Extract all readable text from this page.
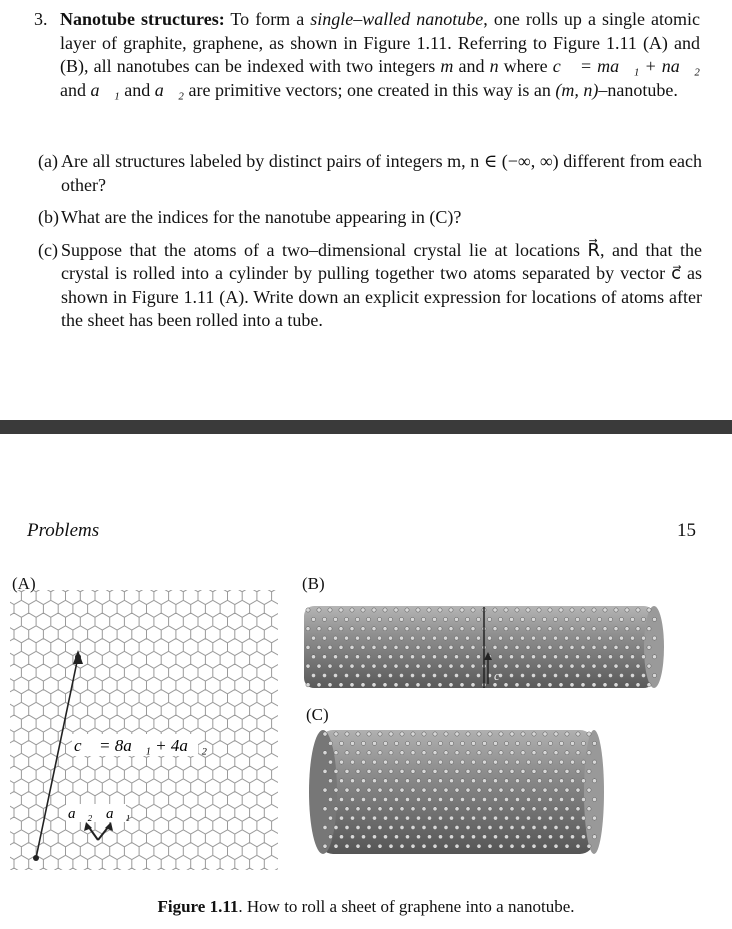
3. Nanotube structures: To form a single–walled nanotube, one rolls up a single atomic layer of graphite, graphene, as shown in Figure 1.11. Referring to Figure 1.11 (A) and (B), all nanotubes can be indexed with two integers m and n where c⃗ = ma⃗₁ + na⃗₂ and a⃗₁ and a⃗₂ are primitive vectors; one created in this way is an (m, n)–nanotube.
(a) Are all structures labeled by distinct pairs of integers m, n ∈ (−∞, ∞) different from each other?
(b) What are the indices for the nanotube appearing in (C)?
(c) Suppose that the atoms of a two–dimensional crystal lie at locations R⃗, and that the crystal is rolled into a cylinder by pulling together two atoms separated by vector c⃗ as shown in Figure 1.11 (A). Write down an explicit expression for locations of atoms after the sheet has been rolled into a tube.
Problems	15
(A)	(B)
(C)
c⃗ = 8a⃗₁ + 4a⃗₂
a⃗₂ a⃗₁
c⃗
Figure 1.11. How to roll a sheet of graphene into a nanotube.
